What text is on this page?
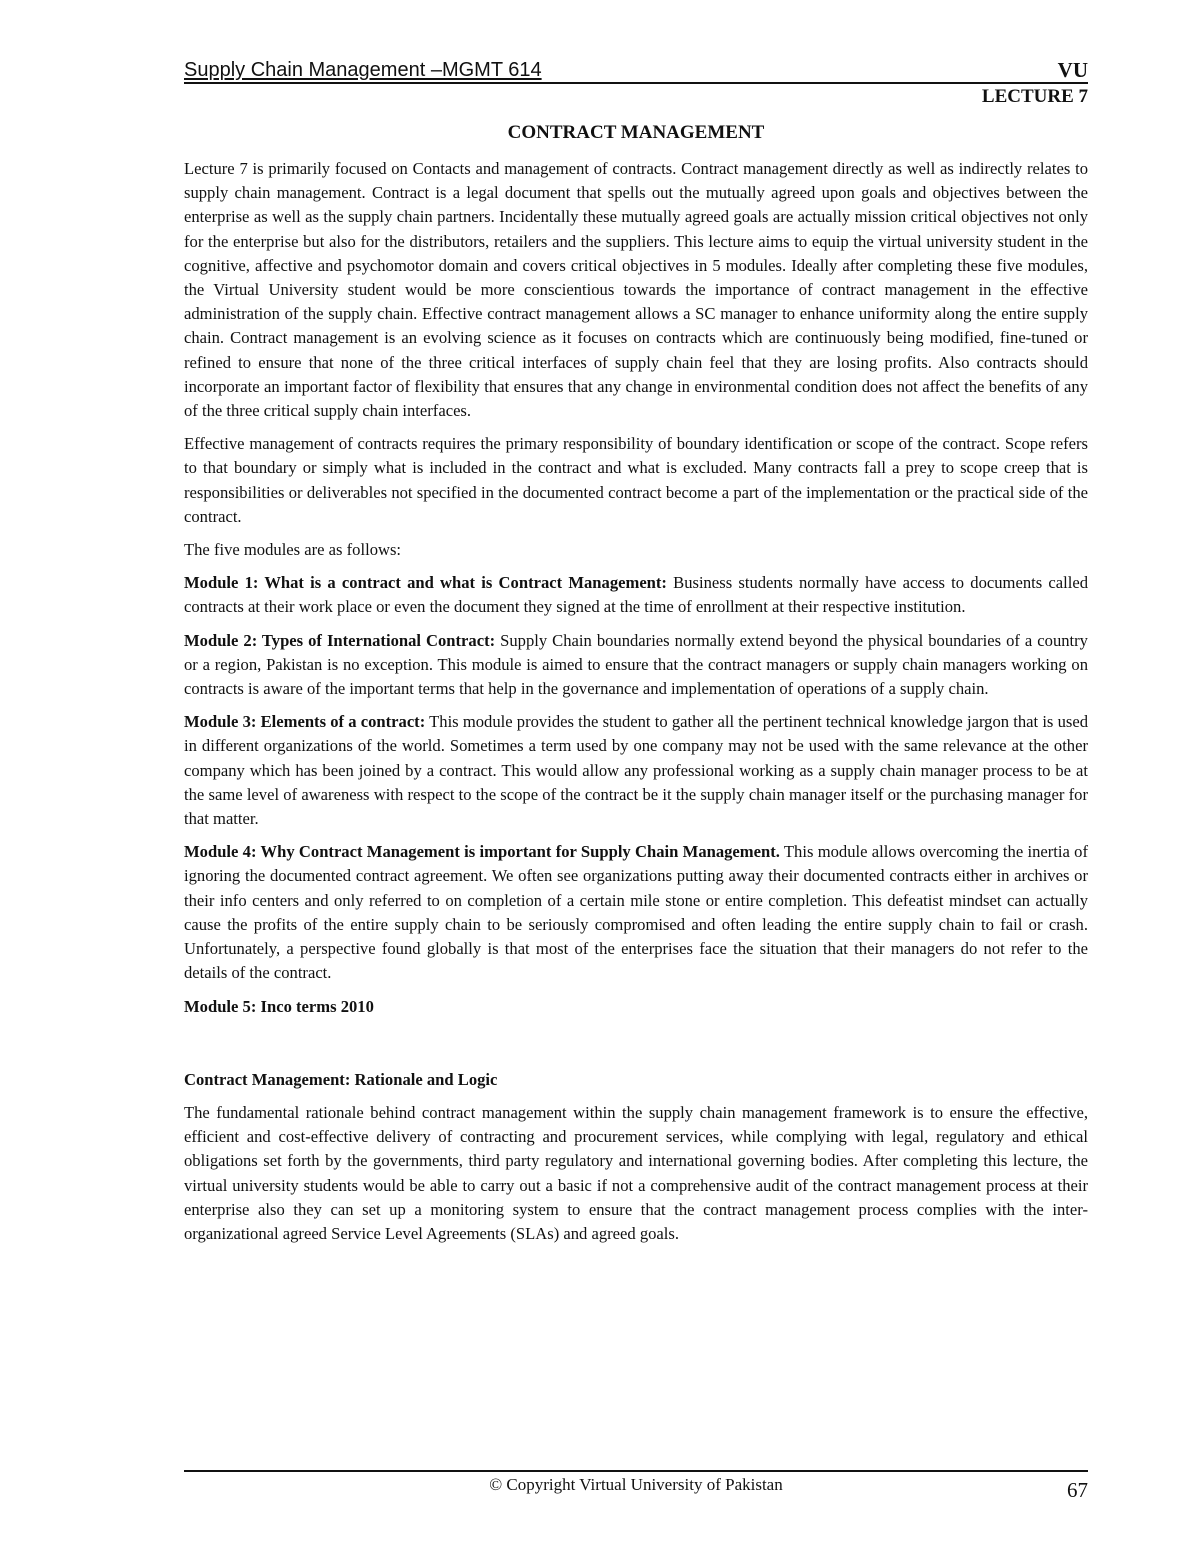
Supply Chain Management –MGMT 614	VU
LECTURE 7
CONTRACT MANAGEMENT

Lecture 7 is primarily focused on Contacts and management of contracts. Contract management directly as well as indirectly relates to supply chain management. Contract is a legal document that spells out the mutually agreed upon goals and objectives between the enterprise as well as the supply chain partners. Incidentally these mutually agreed goals are actually mission critical objectives not only for the enterprise but also for the distributors, retailers and the suppliers. This lecture aims to equip the virtual university student in the cognitive, affective and psychomotor domain and covers critical objectives in 5 modules. Ideally after completing these five modules, the Virtual University student would be more conscientious towards the importance of contract management in the effective administration of the supply chain. Effective contract management allows a SC manager to enhance uniformity along the entire supply chain. Contract management is an evolving science as it focuses on contracts which are continuously being modified, fine-tuned or refined to ensure that none of the three critical interfaces of supply chain feel that they are losing profits. Also contracts should incorporate an important factor of flexibility that ensures that any change in environmental condition does not affect the benefits of any of the three critical supply chain interfaces.

Effective management of contracts requires the primary responsibility of boundary identification or scope of the contract. Scope refers to that boundary or simply what is included in the contract and what is excluded. Many contracts fall a prey to scope creep that is responsibilities or deliverables not specified in the documented contract become a part of the implementation or the practical side of the contract.

The five modules are as follows:

Module 1: What is a contract and what is Contract Management: Business students normally have access to documents called contracts at their work place or even the document they signed at the time of enrollment at their respective institution.

Module 2: Types of International Contract: Supply Chain boundaries normally extend beyond the physical boundaries of a country or a region, Pakistan is no exception. This module is aimed to ensure that the contract managers or supply chain managers working on contracts is aware of the important terms that help in the governance and implementation of operations of a supply chain.

Module 3: Elements of a contract: This module provides the student to gather all the pertinent technical knowledge jargon that is used in different organizations of the world. Sometimes a term used by one company may not be used with the same relevance at the other company which has been joined by a contract. This would allow any professional working as a supply chain manager process to be at the same level of awareness with respect to the scope of the contract be it the supply chain manager itself or the purchasing manager for that matter.

Module 4: Why Contract Management is important for Supply Chain Management. This module allows overcoming the inertia of ignoring the documented contract agreement. We often see organizations putting away their documented contracts either in archives or their info centers and only referred to on completion of a certain mile stone or entire completion. This defeatist mindset can actually cause the profits of the entire supply chain to be seriously compromised and often leading the entire supply chain to fail or crash. Unfortunately, a perspective found globally is that most of the enterprises face the situation that their managers do not refer to the details of the contract.

Module 5: Inco terms 2010

Contract Management: Rationale and Logic

The fundamental rationale behind contract management within the supply chain management framework is to ensure the effective, efficient and cost-effective delivery of contracting and procurement services, while complying with legal, regulatory and ethical obligations set forth by the governments, third party regulatory and international governing bodies. After completing this lecture, the virtual university students would be able to carry out a basic if not a comprehensive audit of the contract management process at their enterprise also they can set up a monitoring system to ensure that the contract management process complies with the inter-organizational agreed Service Level Agreements (SLAs) and agreed goals.

© Copyright Virtual University of Pakistan	67
